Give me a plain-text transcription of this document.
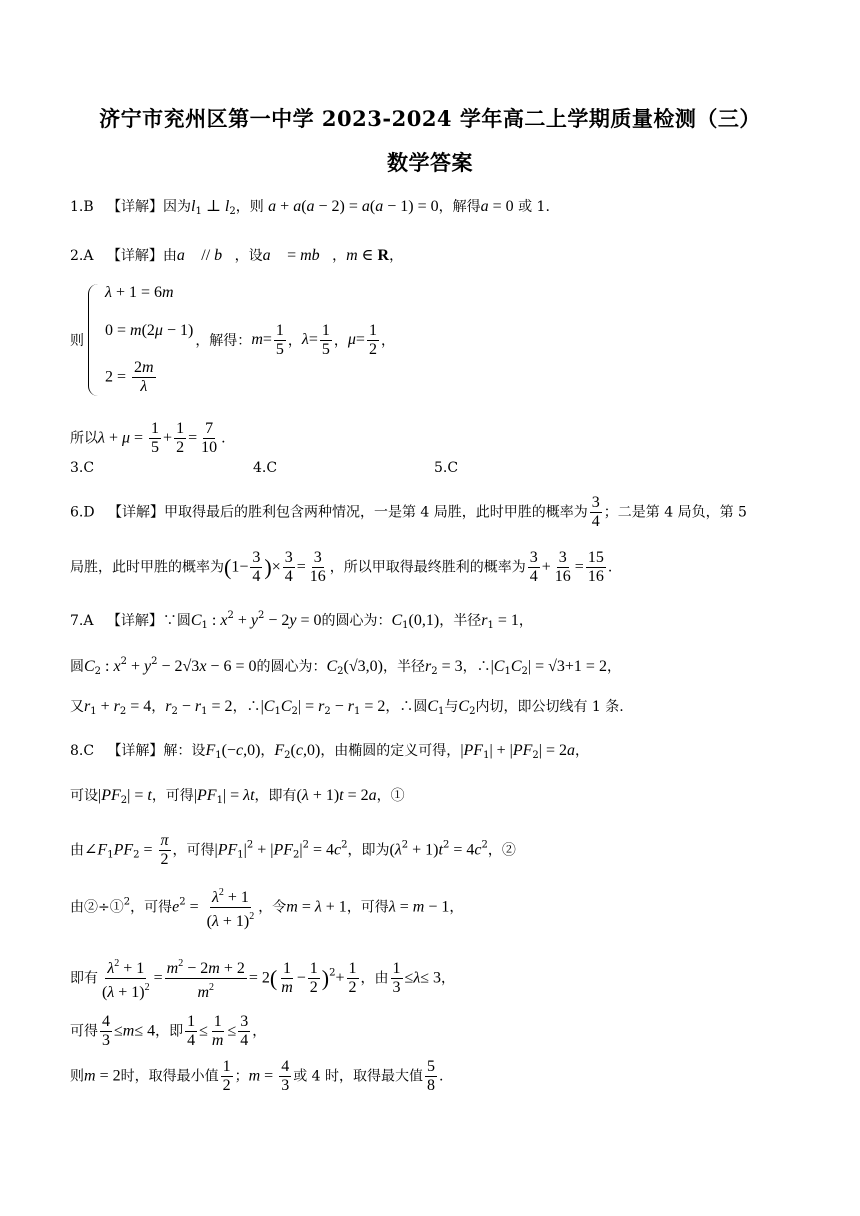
济宁市兖州区第一中学 2023-2024 学年高二上学期质量检测（三）
数学答案
1.B 【详解】因为$l_1$ ⊥ $l_2$，则 a + a(a − 2) = a(a − 1) = 0，解得a = 0 或 1.
2.A 【详解】由a⃗ // b⃗，设a⃗ = mb⃗，m ∈ R，
则
λ + 1 = 6m
0 = m(2μ − 1)
$2 = \frac{2m}{\lambda}$
，解得： $m = \frac{1}{5}$ ， $\lambda = \frac{1}{5}$ ， $\mu = \frac{1}{2}$ ，
所以$\lambda + \mu = \frac{1}{5} + \frac{1}{2} = \frac{7}{10}$ .
3.C	4.C	5.C
6.D 【详解】甲取得最后的胜利包含两种情况，一是第 4 局胜，此时甲胜的概率为 $\frac{3}{4}$ ；二是第 4 局负，第 5
局胜，此时甲胜的概率为($1- \frac{3}{4}$ )× $\frac{3}{4} = \frac{3}{16}$ ，所以甲取得最终胜利的概率为 $\frac{3}{4} + \frac{3}{16} = \frac{15}{16}$ .
7.A 【详解】∵圆$C_1$ : $x^2 + y^2 - 2y = 0$的圆心为：$C_1(0,1)$，半径$r_1 = 1$，
圆$C_2$ : $x^2 + y^2 - 2√3x - 6 = 0$的圆心为：$C_2(√3,0)$，半径$r_2 = 3$，$\therefore|C_1C_2| = √3+1 = 2$，
又$r_1 + r_2 = 4$，$r_2 - r_1 = 2$，$\therefore|C_1C_2| = r_2 - r_1 = 2$，∴圆$C_1$与$C_2$内切，即公切线有 1 条.
8.C 【详解】解：设$F_1(-c,0)$，$F_2(c,0)$，由椭圆的定义可得，$|PF_1| + |PF_2| = 2a$，
可设$|PF_2| = t$，可得$|PF_1| = \lambda t$，即有(λ + 1)t = 2a，①
由$\angle F_1PF_2 = \frac{\pi}{2}$ ，可得$|PF_1|^2 + |PF_2|^2 = 4c^2$，即为$(\lambda^2 + 1)t^2 = 4c^2$，②
由②÷①$^2$，可得$e^2 = \frac{\lambda^2 + 1}{(\lambda + 1)^2}$ ，令m = λ + 1，可得λ = m − 1，
即有 $\frac{\lambda^2 + 1}{(\lambda + 1)^2} = \frac{m^2 - 2m + 2}{m^2} = 2( \frac{1}{m} - \frac{1}{2} )^2+ \frac{1}{2}$ ，由 $\frac{1}{3} \le\lambda\le 3$，
可得 $\frac{4}{3} \le m\le 4$，即 $\frac{1}{4} \le \frac{1}{m} \le \frac{3}{4}$ ，
则m = 2时，取得最小值 $\frac{1}{2}$ ；$m = \frac{4}{3}$ 或 4 时，取得最大值 $\frac{5}{8}$ .
